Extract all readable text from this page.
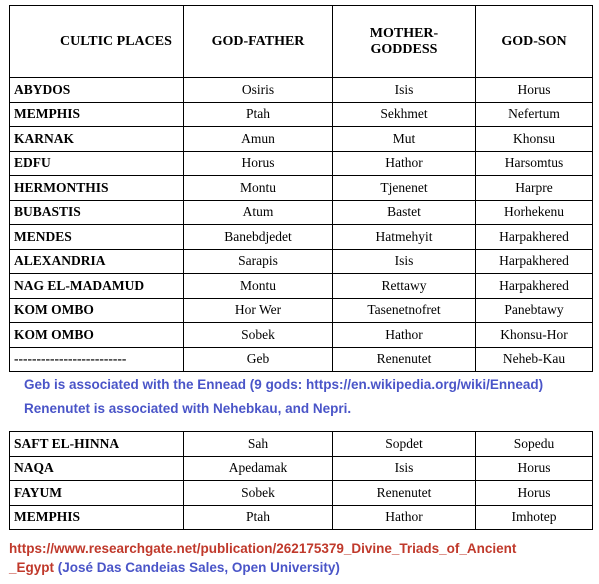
CULTIC PLACES	GOD-FATHER	MOTHER-GODDESS	GOD-SON
ABYDOS	Osiris	Isis	Horus
MEMPHIS	Ptah	Sekhmet	Nefertum
KARNAK	Amun	Mut	Khonsu
EDFU	Horus	Hathor	Harsomtus
HERMONTHIS	Montu	Tjenenet	Harpre
BUBASTIS	Atum	Bastet	Horhekenu
MENDES	Banebdjedet	Hatmehyit	Harpakhered
ALEXANDRIA	Sarapis	Isis	Harpakhered
NAG EL-MADAMUD	Montu	Rettawy	Harpakhered
KOM OMBO	Hor Wer	Tasenetnofret	Panebtawy
KOM OMBO	Sobek	Hathor	Khonsu-Hor
-------------------------	Geb	Renenutet	Neheb-Kau
Geb is associated with the Ennead (9 gods: https://en.wikipedia.org/wiki/Ennead)
Renenutet is associated with Nehebkau, and Nepri.
SAFT EL-HINNA	Sah	Sopdet	Sopedu
NAQA	Apedamak	Isis	Horus
FAYUM	Sobek	Renenutet	Horus
MEMPHIS	Ptah	Hathor	Imhotep
https://www.researchgate.net/publication/262175379_Divine_Triads_of_Ancient
_Egypt (José Das Candeias Sales, Open University)
